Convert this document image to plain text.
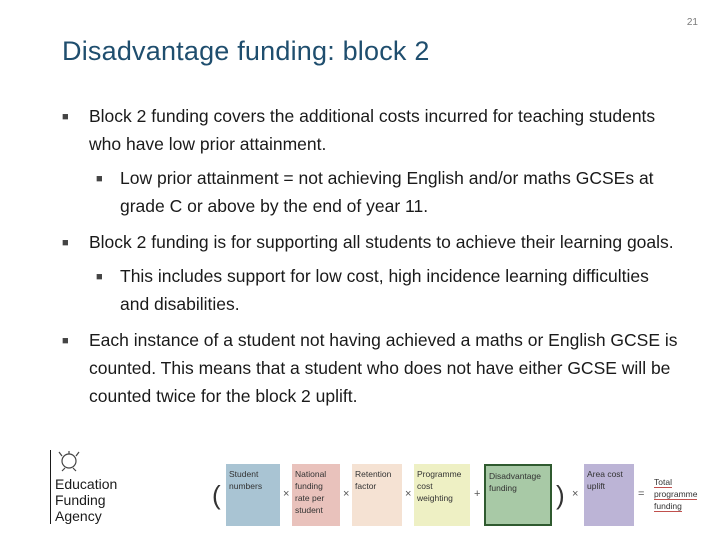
21
Disadvantage funding: block 2
■ Block 2 funding covers the additional costs incurred for teaching students who have low prior attainment.
■ Low prior attainment = not achieving English and/or maths GCSEs at grade C or above by the end of year 11.
■ Block 2 funding is for supporting all students to achieve their learning goals.
■ This includes support for low cost, high incidence learning difficulties and disabilities.
■ Each instance of a student not having achieved a maths or English GCSE is counted. This means that a student who does not have either GCSE will be counted twice for the block 2 uplift.
Education
Funding
Agency
(
Student numbers
×
National funding rate per student
×
Retention factor
×
Programme cost weighting	+
Disadvantage funding	) ×
Area cost uplift
=
Total programme funding
